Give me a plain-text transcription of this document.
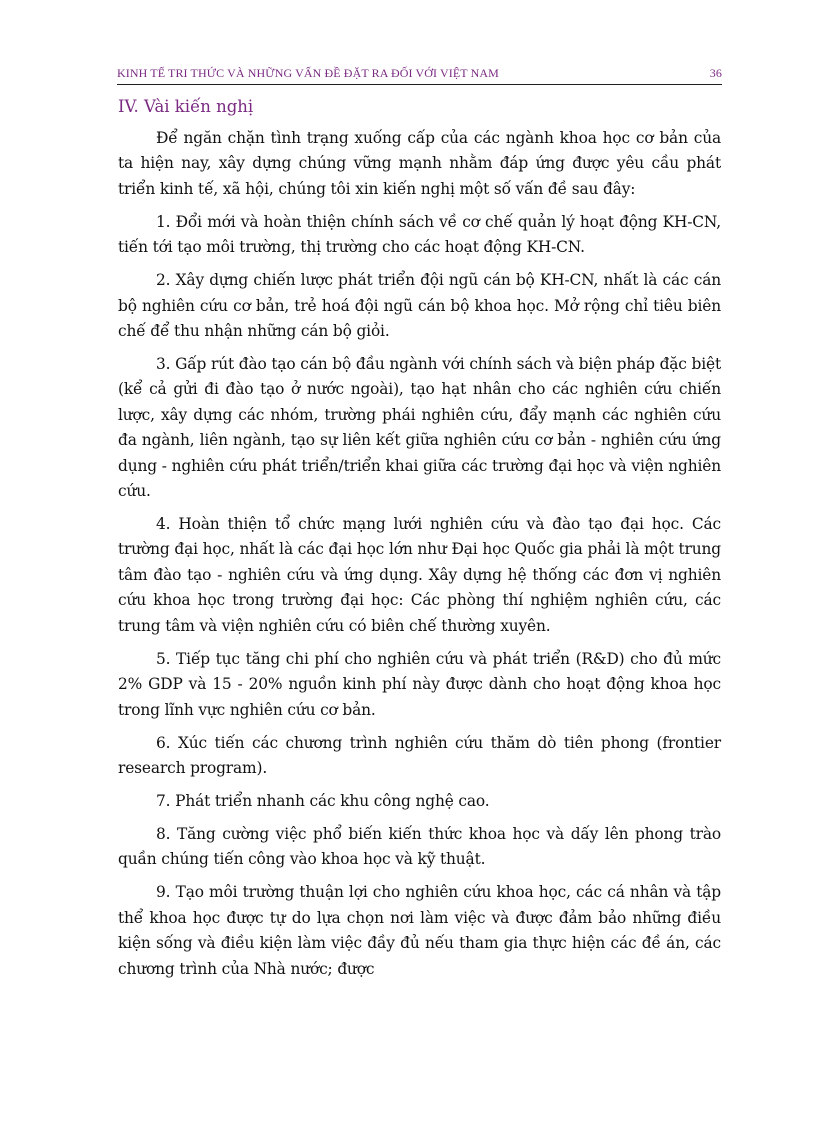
KINH TẾ TRI THỨC VÀ NHỮNG VẤN ĐỀ ĐẶT RA ĐỐI VỚI VIỆT NAM	36
IV. Vài kiến nghị

Để ngăn chặn tình trạng xuống cấp của các ngành khoa học cơ bản của ta hiện nay, xây dựng chúng vững mạnh nhằm đáp ứng được yêu cầu phát triển kinh tế, xã hội, chúng tôi xin kiến nghị một số vấn đề sau đây:

1. Đổi mới và hoàn thiện chính sách về cơ chế quản lý hoạt động KH-CN, tiến tới tạo môi trường, thị trường cho các hoạt động KH-CN.

2. Xây dựng chiến lược phát triển đội ngũ cán bộ KH-CN, nhất là các cán bộ nghiên cứu cơ bản, trẻ hoá đội ngũ cán bộ khoa học. Mở rộng chỉ tiêu biên chế để thu nhận những cán bộ giỏi.

3. Gấp rút đào tạo cán bộ đầu ngành với chính sách và biện pháp đặc biệt (kể cả gửi đi đào tạo ở nước ngoài), tạo hạt nhân cho các nghiên cứu chiến lược, xây dựng các nhóm, trường phái nghiên cứu, đẩy mạnh các nghiên cứu đa ngành, liên ngành, tạo sự liên kết giữa nghiên cứu cơ bản - nghiên cứu ứng dụng - nghiên cứu phát triển/triển khai giữa các trường đại học và viện nghiên cứu.

4. Hoàn thiện tổ chức mạng lưới nghiên cứu và đào tạo đại học. Các trường đại học, nhất là các đại học lớn như Đại học Quốc gia phải là một trung tâm đào tạo - nghiên cứu và ứng dụng. Xây dựng hệ thống các đơn vị nghiên cứu khoa học trong trường đại học: Các phòng thí nghiệm nghiên cứu, các trung tâm và viện nghiên cứu có biên chế thường xuyên.

5. Tiếp tục tăng chi phí cho nghiên cứu và phát triển (R&D) cho đủ mức 2% GDP và 15 - 20% nguồn kinh phí này được dành cho hoạt động khoa học trong lĩnh vực nghiên cứu cơ bản.

6. Xúc tiến các chương trình nghiên cứu thăm dò tiên phong (frontier research program).

7. Phát triển nhanh các khu công nghệ cao.

8. Tăng cường việc phổ biến kiến thức khoa học và dấy lên phong trào quần chúng tiến công vào khoa học và kỹ thuật.

9. Tạo môi trường thuận lợi cho nghiên cứu khoa học, các cá nhân và tập thể khoa học được tự do lựa chọn nơi làm việc và được đảm bảo những điều kiện sống và điều kiện làm việc đầy đủ nếu tham gia thực hiện các đề án, các chương trình của Nhà nước; được
